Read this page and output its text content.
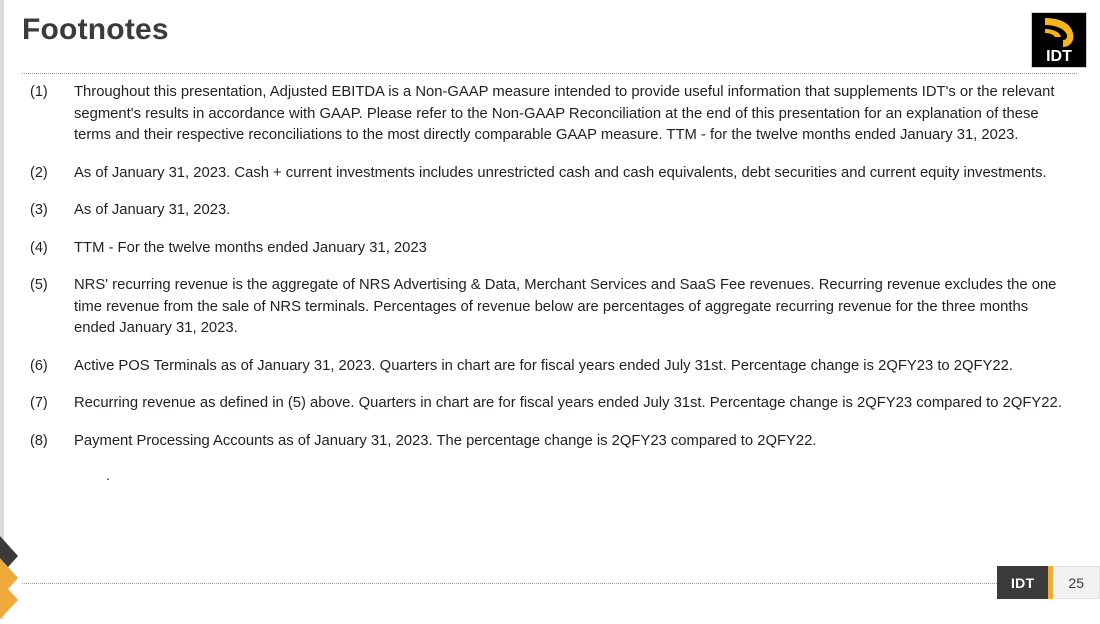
Footnotes
IDT
(1)	Throughout this presentation, Adjusted EBITDA is a Non-GAAP measure intended to provide useful information that supplements IDT's or the relevant segment's results in accordance with GAAP. Please refer to the Non-GAAP Reconciliation at the end of this presentation for an explanation of these terms and their respective reconciliations to the most directly comparable GAAP measure. TTM - for the twelve months ended January 31, 2023.
(2)	As of January 31, 2023. Cash + current investments includes unrestricted cash and cash equivalents, debt securities and current equity investments.
(3)	As of January 31, 2023.
(4)	TTM - For the twelve months ended January 31, 2023
(5)	NRS' recurring revenue is the aggregate of NRS Advertising & Data, Merchant Services and SaaS Fee revenues. Recurring revenue excludes the one time revenue from the sale of NRS terminals. Percentages of revenue below are percentages of aggregate recurring revenue for the three months ended January 31, 2023.
(6)	Active POS Terminals as of January 31, 2023. Quarters in chart are for fiscal years ended July 31st. Percentage change is 2QFY23 to 2QFY22.
(7)	Recurring revenue as defined in (5) above. Quarters in chart are for fiscal years ended July 31st. Percentage change is 2QFY23 compared to 2QFY22.
(8)	Payment Processing Accounts as of January 31, 2023. The percentage change is 2QFY23 compared to 2QFY22.
.
IDT	25
